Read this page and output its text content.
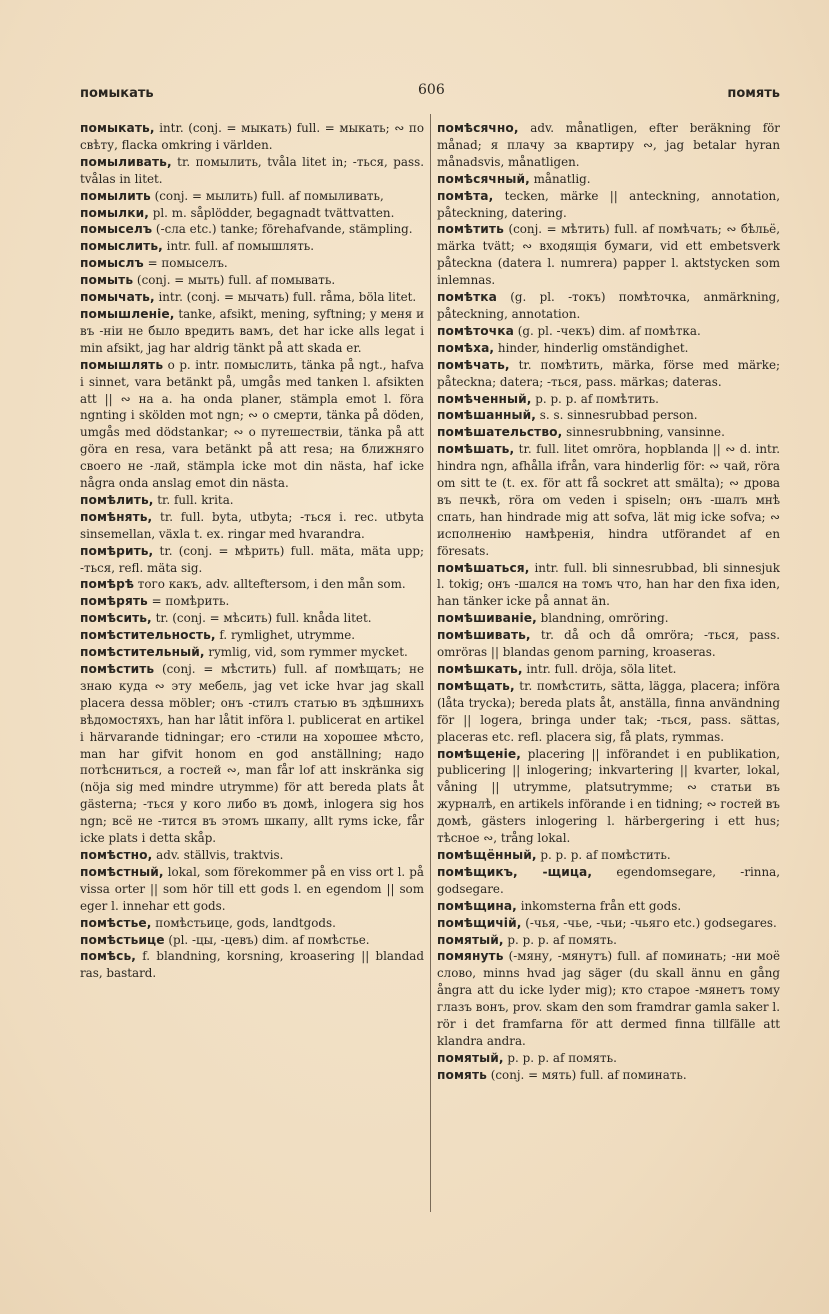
помыкать	606	помять

помыкать, intr. (conj. = мыкать) full. = мыкать; ∾ по свѣту, flacka omkring i världen.

помыливать, tr. помылить, tvåla litet in; -ться, pass. tvålas in litet.

помылить (conj. = мылить) full. af помыливать,

помылки, pl. m. såplödder, begagnadt tvättvatten.

помыселъ (-сла etc.) tanke; förehafvande, stämpling.

помыслить, intr. full. af помышлять.

помыслъ = помыселъ.

помыть (conj. = мыть) full. af помывать.

помычать, intr. (conj. = мычать) full. råma, böla litet.

помышленіе, tanke, afsikt, mening, syftning; у меня и въ -ніи не было вредить вамъ, det har icke alls legat i min afsikt, jag har aldrig tänkt på att skada er.

помышлять o p. intr. помыслить, tänka på ngt., hafva i sinnet, vara betänkt på, umgås med tanken l. afsikten att || ∾ на a. ha onda planer, stämpla emot l. föra ngnting i skölden mot ngn; ∾ о смерти, tänka på döden, umgås med dödstankar; ∾ о путешествіи, tänka på att göra en resa, vara betänkt på att resa; на ближняго своего не -лай, stämpla icke mot din nästa, haf icke några onda anslag emot din nästa.

помѣлить, tr. full. krita.

помѣнять, tr. full. byta, utbyta; -ться i. rec. utbyta sinsemellan, växla t. ex. ringar med hvarandra.

помѣрить, tr. (conj. = мѣрить) full. mäta, mäta upp; -ться, refl. mäta sig.

помѣрѣ того какъ, adv. allteftersom, i den mån som.

помѣрять = помѣрить.

помѣсить, tr. (conj. = мѣсить) full. knåda litet.

помѣстительность, f. rymlighet, utrymme.

помѣстительный, rymlig, vid, som rymmer mycket.

помѣстить (conj. = мѣстить) full. af помѣщать; не знаю куда ∾ эту мебель, jag vet icke hvar jag skall placera dessa möbler; онъ -стилъ статью въ здѣшнихъ вѣдомостяхъ, han har låtit införa l. publicerat en artikel i härvarande tidningar; его -стили на хорошее мѣсто, man har gifvit honom en god anställning; надо потѣсниться, а гостей ∾, man får lof att inskränka sig (nöja sig med mindre utrymme) för att bereda plats åt gästerna; -ться у кого либо въ домѣ, inlogera sig hos ngn; всё не -тится въ этомъ шкапу, allt ryms icke, får icke plats i detta skåp.

помѣстно, adv. ställvis, traktvis.

помѣстный, lokal, som förekommer på en viss ort l. på vissa orter || som hör till ett gods l. en egendom || som eger l. innehar ett gods.

помѣстье, помѣстьице, gods, landtgods.

помѣстьице (pl. -цы, -цевъ) dim. af помѣстье.

помѣсь, f. blandning, korsning, kroasering || blandad ras, bastard.

помѣсячно, adv. månatligen, efter beräkning för månad; я плачу за квартиру ∾, jag betalar hyran månadsvis, månatligen.

помѣсячный, månatlig.

помѣта, tecken, märke || anteckning, annotation, påteckning, datering.

помѣтить (conj. = мѣтить) full. af помѣчать; ∾ бѣльё, märka tvätt; ∾ входящія бумаги, vid ett embetsverk påteckna (datera l. numrera) papper l. aktstycken som inlemnas.

помѣтка (g. pl. -токъ) помѣточка, anmärkning, påteckning, annotation.

помѣточка (g. pl. -чекъ) dim. af помѣтка.

помѣха, hinder, hinderlig omständighet.

помѣчать, tr. помѣтить, märka, förse med märke; påteckna; datera; -ться, pass. märkas; dateras.

помѣченный, p. p. p. af помѣтить.

помѣшанный, s. s. sinnesrubbad person.

помѣшательство, sinnesrubbning, vansinne.

помѣшать, tr. full. litet omröra, hopblanda || ∾ d. intr. hindra ngn, afhålla ifrån, vara hinderlig för: ∾ чай, röra om sitt te (t. ex. för att få sockret att smälta); ∾ дрова въ печкѣ, röra om veden i spiseln; онъ -шалъ мнѣ спать, han hindrade mig att sofva, lät mig icke sofva; ∾ исполненію намѣренія, hindra utförandet af en föresats.

помѣшаться, intr. full. bli sinnesrubbad, bli sinnesjuk l. tokig; онъ -шался на томъ что, han har den fixa iden, han tänker icke på annat än.

помѣшиваніе, blandning, omröring.

помѣшивать, tr. då och då omröra; -ться, pass. omröras || blandas genom parning, kroaseras.

помѣшкать, intr. full. dröja, söla litet.

помѣщать, tr. помѣстить, sätta, lägga, placera; införa (låta trycka); bereda plats åt, anställa, finna användning för || logera, bringa under tak; -ться, pass. sättas, placeras etc. refl. placera sig, få plats, rymmas.

помѣщеніе, placering || införandet i en publikation, publicering || inlogering; inkvartering || kvarter, lokal, våning || utrymme, platsutrymme; ∾ статьи въ журналѣ, en artikels införande i en tidning; ∾ гостей въ домѣ, gästers inlogering l. härbergering i ett hus; тѣсное ∾, trång lokal.

помѣщённый, p. p. p. af помѣстить.

помѣщикъ, -щица, egendomsegare, -rinna, godsegare.

помѣщина, inkomsterna från ett gods.

помѣщичій, (-чья, -чье, -чьи; -чьяго etc.) godsegares.

помятый, p. p. p. af помять.

помянуть (-мяну, -мянутъ) full. af поминать; -ни моё слово, minns hvad jag säger (du skall ännu en gång ångra att du icke lyder mig); кто старое -мянетъ тому глазъ вонъ, prov. skam den som framdrar gamla saker l. rör i det framfarna för att dermed finna tillfälle att klandra andra.

помятый, p. p. p. af помять.

помять (conj. = мять) full. af поминать.
